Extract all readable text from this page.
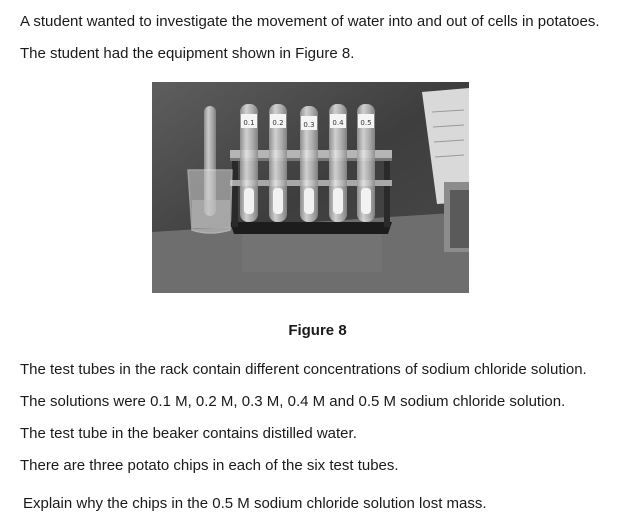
A student wanted to investigate the movement of water into and out of cells in potatoes.
The student had the equipment shown in Figure 8.
0.1	0.2	0.3	0.4 0.5
Figure 8
The test tubes in the rack contain different concentrations of sodium chloride solution.
The solutions were 0.1 M, 0.2 M, 0.3 M, 0.4 M and 0.5 M sodium chloride solution.
The test tube in the beaker contains distilled water.
There are three potato chips in each of the six test tubes.
Explain why the chips in the 0.5 M sodium chloride solution lost mass.
